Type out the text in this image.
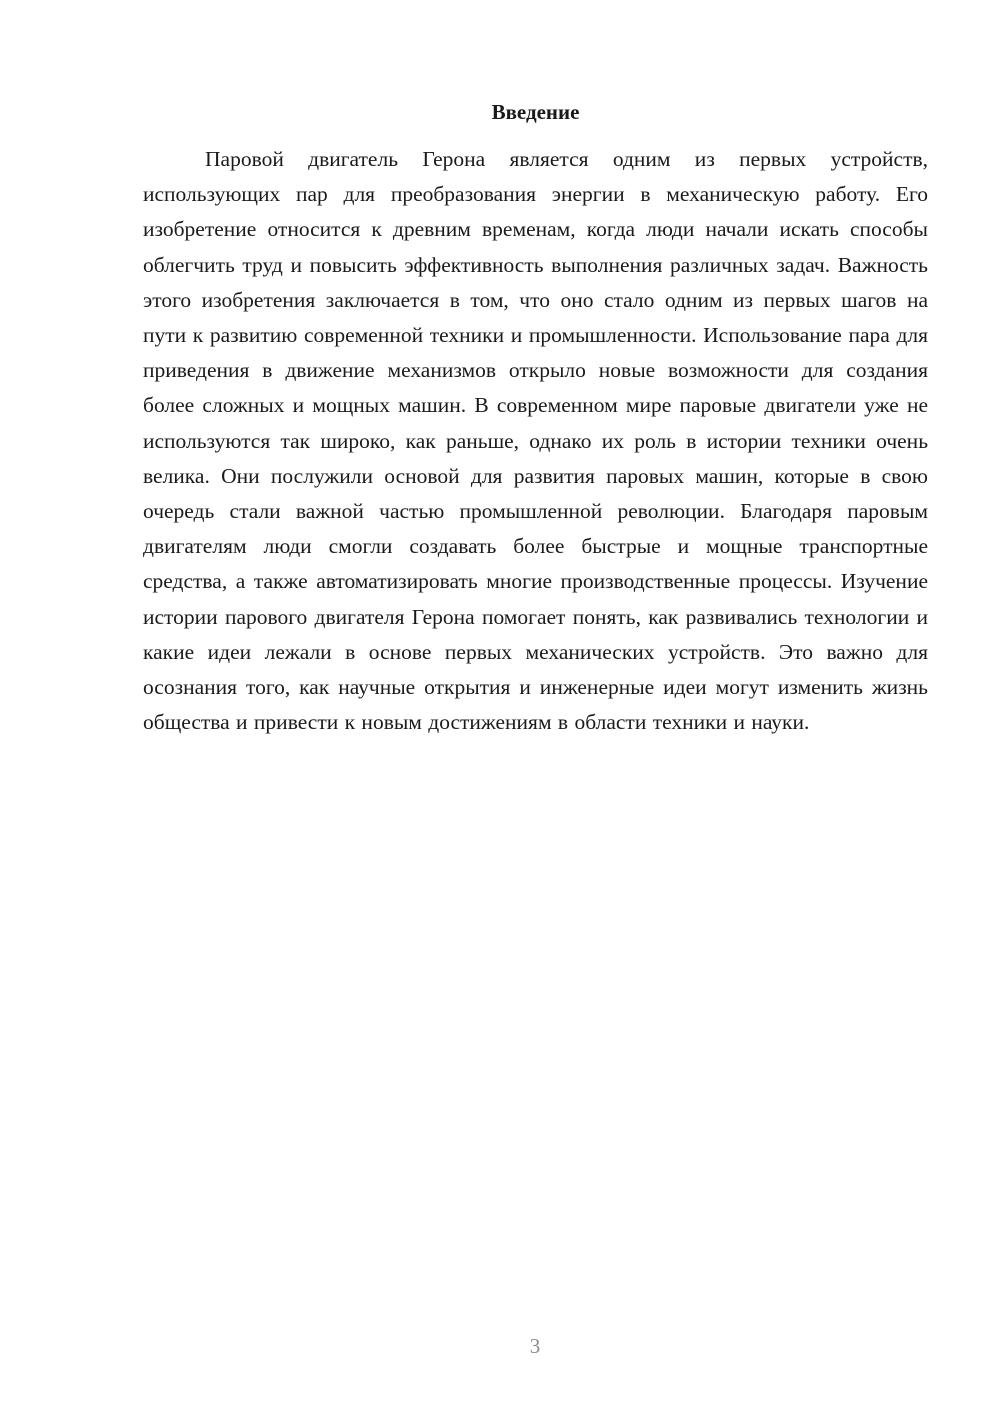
Введение

Паровой двигатель Герона является одним из первых устройств, использующих пар для преобразования энергии в механическую работу. Его изобретение относится к древним временам, когда люди начали искать способы облегчить труд и повысить эффективность выполнения различных задач. Важность этого изобретения заключается в том, что оно стало одним из первых шагов на пути к развитию современной техники и промышленности. Использование пара для приведения в движение механизмов открыло новые возможности для создания более сложных и мощных машин. В современном мире паровые двигатели уже не используются так широко, как раньше, однако их роль в истории техники очень велика. Они послужили основой для развития паровых машин, которые в свою очередь стали важной частью промышленной революции. Благодаря паровым двигателям люди смогли создавать более быстрые и мощные транспортные средства, а также автоматизировать многие производственные процессы. Изучение истории парового двигателя Герона помогает понять, как развивались технологии и какие идеи лежали в основе первых механических устройств. Это важно для осознания того, как научные открытия и инженерные идеи могут изменить жизнь общества и привести к новым достижениям в области техники и науки.

3
